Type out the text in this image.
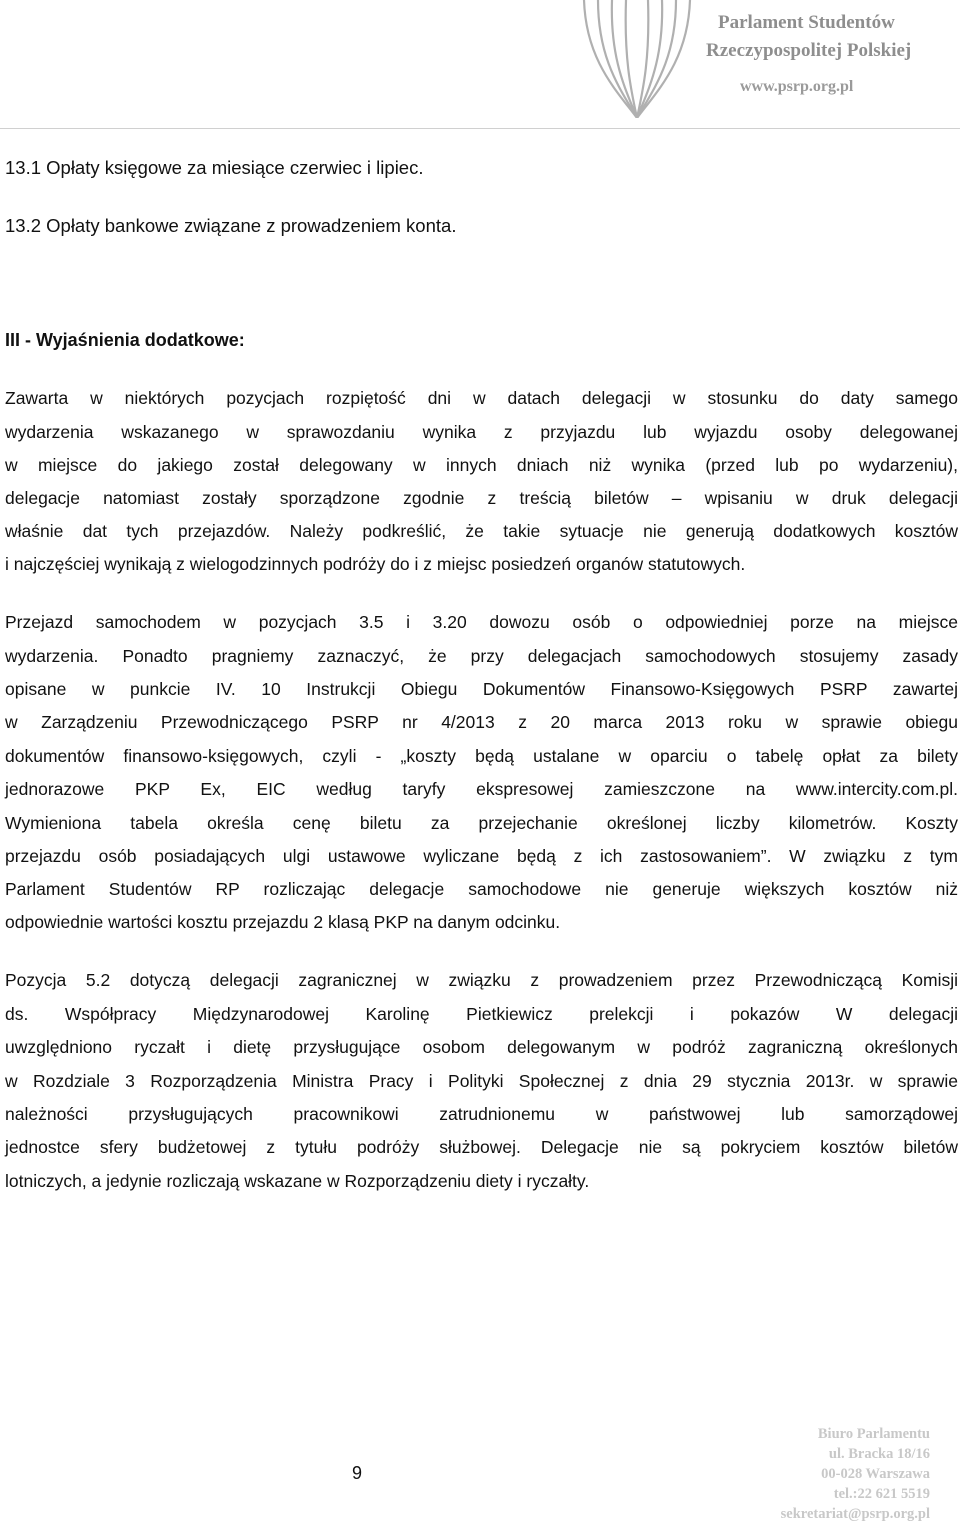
Parlament Studentów

Rzeczypospolitej Polskiej

www.psrp.org.pl

13.1 Opłaty księgowe za miesiące czerwiec i lipiec.

13.2 Opłaty bankowe związane z prowadzeniem konta.

III - Wyjaśnienia dodatkowe:

Zawarta w niektórych pozycjach rozpiętość dni w datach delegacji w stosunku do daty samego

wydarzenia wskazanego w sprawozdaniu wynika z przyjazdu lub wyjazdu osoby delegowanej

w miejsce do jakiego został delegowany w innych dniach niż wynika (przed lub po wydarzeniu),

delegacje natomiast zostały sporządzone zgodnie z treścią biletów – wpisaniu w druk delegacji

właśnie dat tych przejazdów. Należy podkreślić, że takie sytuacje nie generują dodatkowych kosztów

i najczęściej wynikają z wielogodzinnych podróży do i z miejsc posiedzeń organów statutowych.

Przejazd samochodem w pozycjach 3.5 i 3.20 dowozu osób o odpowiedniej porze na miejsce

wydarzenia. Ponadto pragniemy zaznaczyć, że przy delegacjach samochodowych stosujemy zasady

opisane w punkcie IV. 10 Instrukcji Obiegu Dokumentów Finansowo-Księgowych PSRP zawartej

w Zarządzeniu Przewodniczącego PSRP nr 4/2013 z 20 marca 2013 roku w sprawie obiegu

dokumentów finansowo-księgowych, czyli - „koszty będą ustalane w oparciu o tabelę opłat za bilety

jednorazowe PKP Ex, EIC według taryfy ekspresowej zamieszczone na www.intercity.com.pl.

Wymieniona tabela określa cenę biletu za przejechanie określonej liczby kilometrów. Koszty

przejazdu osób posiadających ulgi ustawowe wyliczane będą z ich zastosowaniem”. W związku z tym

Parlament Studentów RP rozliczając delegacje samochodowe nie generuje większych kosztów niż

odpowiednie wartości kosztu przejazdu 2 klasą PKP na danym odcinku.

Pozycja 5.2 dotyczą delegacji zagranicznej w związku z prowadzeniem przez Przewodniczącą Komisji

ds. Współpracy Międzynarodowej Karolinę Pietkiewicz prelekcji i pokazów W delegacji

uwzględniono ryczałt i dietę przysługujące osobom delegowanym w podróż zagraniczną określonych

w Rozdziale 3 Rozporządzenia Ministra Pracy i Polityki Społecznej z dnia 29 stycznia 2013r. w sprawie

należności przysługujących pracownikowi zatrudnionemu w państwowej lub samorządowej

jednostce sfery budżetowej z tytułu podróży służbowej. Delegacje nie są pokryciem kosztów biletów

lotniczych, a jedynie rozliczają wskazane w Rozporządzeniu diety i ryczałty.

9

Biuro Parlamentu
ul. Bracka 18/16
00-028 Warszawa
tel.:22 621 5519
sekretariat@psrp.org.pl
